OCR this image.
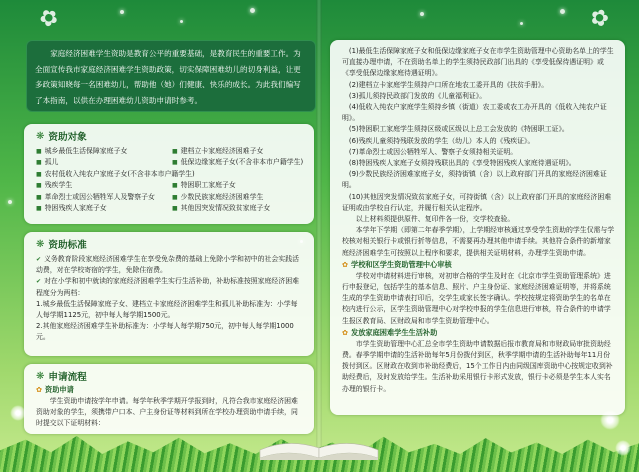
✿	✿

家庭经济困难学生资助是教育公平的重要基础，是教育民生的重要工作。为全面宣传我市家庭经济困难学生资助政策，切实保障困难幼儿的切身利益，让更多政策知晓每一名困难幼儿，帮助他（她）们健康、快乐的成长。为此我们编写了本指南，以供在办理困难幼儿资助申请时参考。

❋ 资助对象
■ 城乡最低生活保障家庭子女	■ 建档立卡家庭经济困难子女
■ 孤儿	■ 低保边缘家庭子女(不含非本市户籍学生)
■ 农村低收入纯农户家庭子女(不含非本市户籍学生)
■ 残疾学生	■ 特困职工家庭子女
■ 革命烈士或因公牺牲军人及警察子女	■ 少数民族家庭经济困难学生
■ 特困残疾人家庭子女	■ 其他因突发情况致贫家庭子女
❋ 资助标准

✔ 义务教育阶段家庭经济困难学生在享受免杂费的基础上免除小学和初中的社会实践活动费，对在学校寄宿的学生，免除住宿费。

✔ 对在小学和初中就读的家庭经济困难学生实行生活补助，补助标准按照家庭经济困难程度分为两档：

1.城乡最低生活保障家庭子女、建档立卡家庭经济困难学生和孤儿补助标准为：小学每人每学期1125元，初中每人每学期1500元。

2.其他家庭经济困难学生补助标准为：小学每人每学期750元，初中每人每学期1000元。

❋ 申请流程
✿ 资助申请

学生资助申请按学年申请。每学年秋季学期开学报到时，凡符合我市家庭经济困难资助对象的学生，须携带户口本、户主身份证等材料到所在学校办理资助申请手续，同时提交以下证明材料：

(1)最低生活保障家庭子女和低保边缘家庭子女在市学生资助管理中心资助名单上的学生可直接办理申请，不在资助名单上的学生须持民政部门出具的《享受低保待遇证明》或《享受低保边缘家庭待遇证明》。

(2)建档立卡家庭学生须持户口所在地农工委开具的《扶贫手册》。

(3)孤儿须持民政部门发放的《儿童福利证》。

(4)低收入纯农户家庭学生须持乡镇（街道）农工委或农工办开具的《低收入纯农户证明》。

(5)特困职工家庭学生须持区级或区级以上总工会发放的《特困职工证》。

(6)残疾儿童须持残联发放的学生（幼儿）本人的《残疾证》。

(7)革命烈士或因公牺牲军人、警察子女须持相关证明。

(8)特困残疾人家庭子女须持残联出具的《享受特困残疾人家庭待遇证明》。

(9)少数民族经济困难家庭子女，须持街镇（含）以上政府部门开具的家庭经济困难证明。

(10)其他因突发情况致贫家庭子女，可持街镇（含）以上政府部门开具的家庭经济困难证明或由学校自行认定，并履行相关认定程序。

以上材料须提供原件、复印件各一份，交学校查验。

本学年下学期（即第二年春季学期），上学期经审核通过享受学生资助的学生仅需与学校核对相关银行卡或银行折等信息，不需要再办理其他申请手续。其他符合条件的新增家庭经济困难学生可按照以上程序和要求，提供相关证明材料，办理学生资助申请。

✿ 学校和区学生资助管理中心审核

学校对申请材料进行审核，对初审合格的学生及时在《北京市学生资助管理系统》进行申报登记，包括学生的基本信息、照片、户主身份证、家庭经济困难证明等，并将系统生成的学生资助申请表打印后，交学生或家长签字确认。学校按规定将资助学生的名单在校内进行公示，区学生资助管理中心对学校申报的学生信息进行审核，符合条件的申请学生报区教育局、区财政局和市学生资助管理中心。

✿ 发放家庭困难学生生活补助

市学生资助管理中心汇总全市学生资助申请数据后报市教育局和市财政局审批资助经费。春季学期申请的生活补助每年5月份拨付到区，秋季学期申请的生活补助每年11月份拨付到区。区财政在收到市补助经费后，15个工作日内由同级国库资助中心按规定收到补助经费后，及时发放给学生。生活补助采用银行卡形式发放，银行卡必须是学生本人实名办理的银行卡。
